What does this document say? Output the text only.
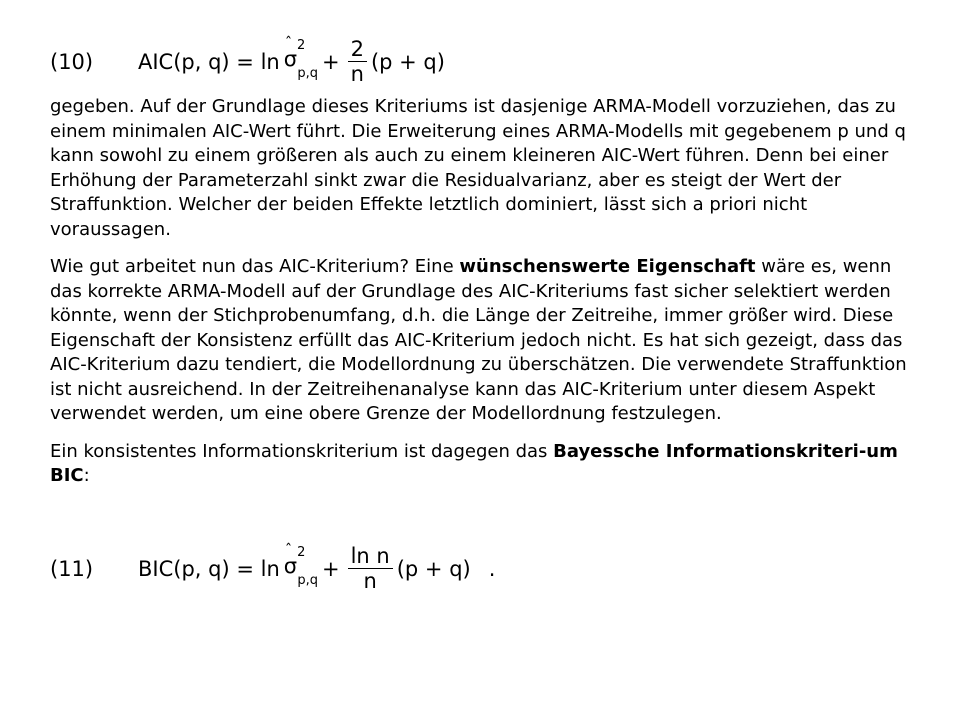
(10)	AIC(p, q) = ln
ˆ
$\sigma^2_{p,q} + \frac{2}{n} (p + q)$

gegeben. Auf der Grundlage dieses Kriteriums ist dasjenige ARMA-Modell vorzuziehen, das zu einem minimalen AIC-Wert führt. Die Erweiterung eines ARMA-Modells mit gegebenem p und q kann sowohl zu einem größeren als auch zu einem kleineren AIC-Wert führen. Denn bei einer Erhöhung der Parameterzahl sinkt zwar die Residualvarianz, aber es steigt der Wert der Straffunktion. Welcher der beiden Effekte letztlich dominiert, lässt sich a priori nicht voraussagen.

Wie gut arbeitet nun das AIC-Kriterium? Eine wünschenswerte Eigenschaft wäre es, wenn das korrekte ARMA-Modell auf der Grundlage des AIC-Kriteriums fast sicher selektiert werden könnte, wenn der Stichprobenumfang, d.h. die Länge der Zeitreihe, immer größer wird. Diese Eigenschaft der Konsistenz erfüllt das AIC-Kriterium jedoch nicht. Es hat sich gezeigt, dass das AIC-Kriterium dazu tendiert, die Modellordnung zu überschätzen. Die verwendete Straffunktion ist nicht ausreichend. In der Zeitreihenanalyse kann das AIC-Kriterium unter diesem Aspekt verwendet werden, um eine obere Grenze der Modellordnung festzulegen.

Ein konsistentes Informationskriterium ist dagegen das Bayessche Informationskriteri-um BIC:

(11)	BIC(p, q) = ln
ˆ
$\sigma^2_{p,q} + \frac{\text{ln n}}{n} (p + q)$ .
